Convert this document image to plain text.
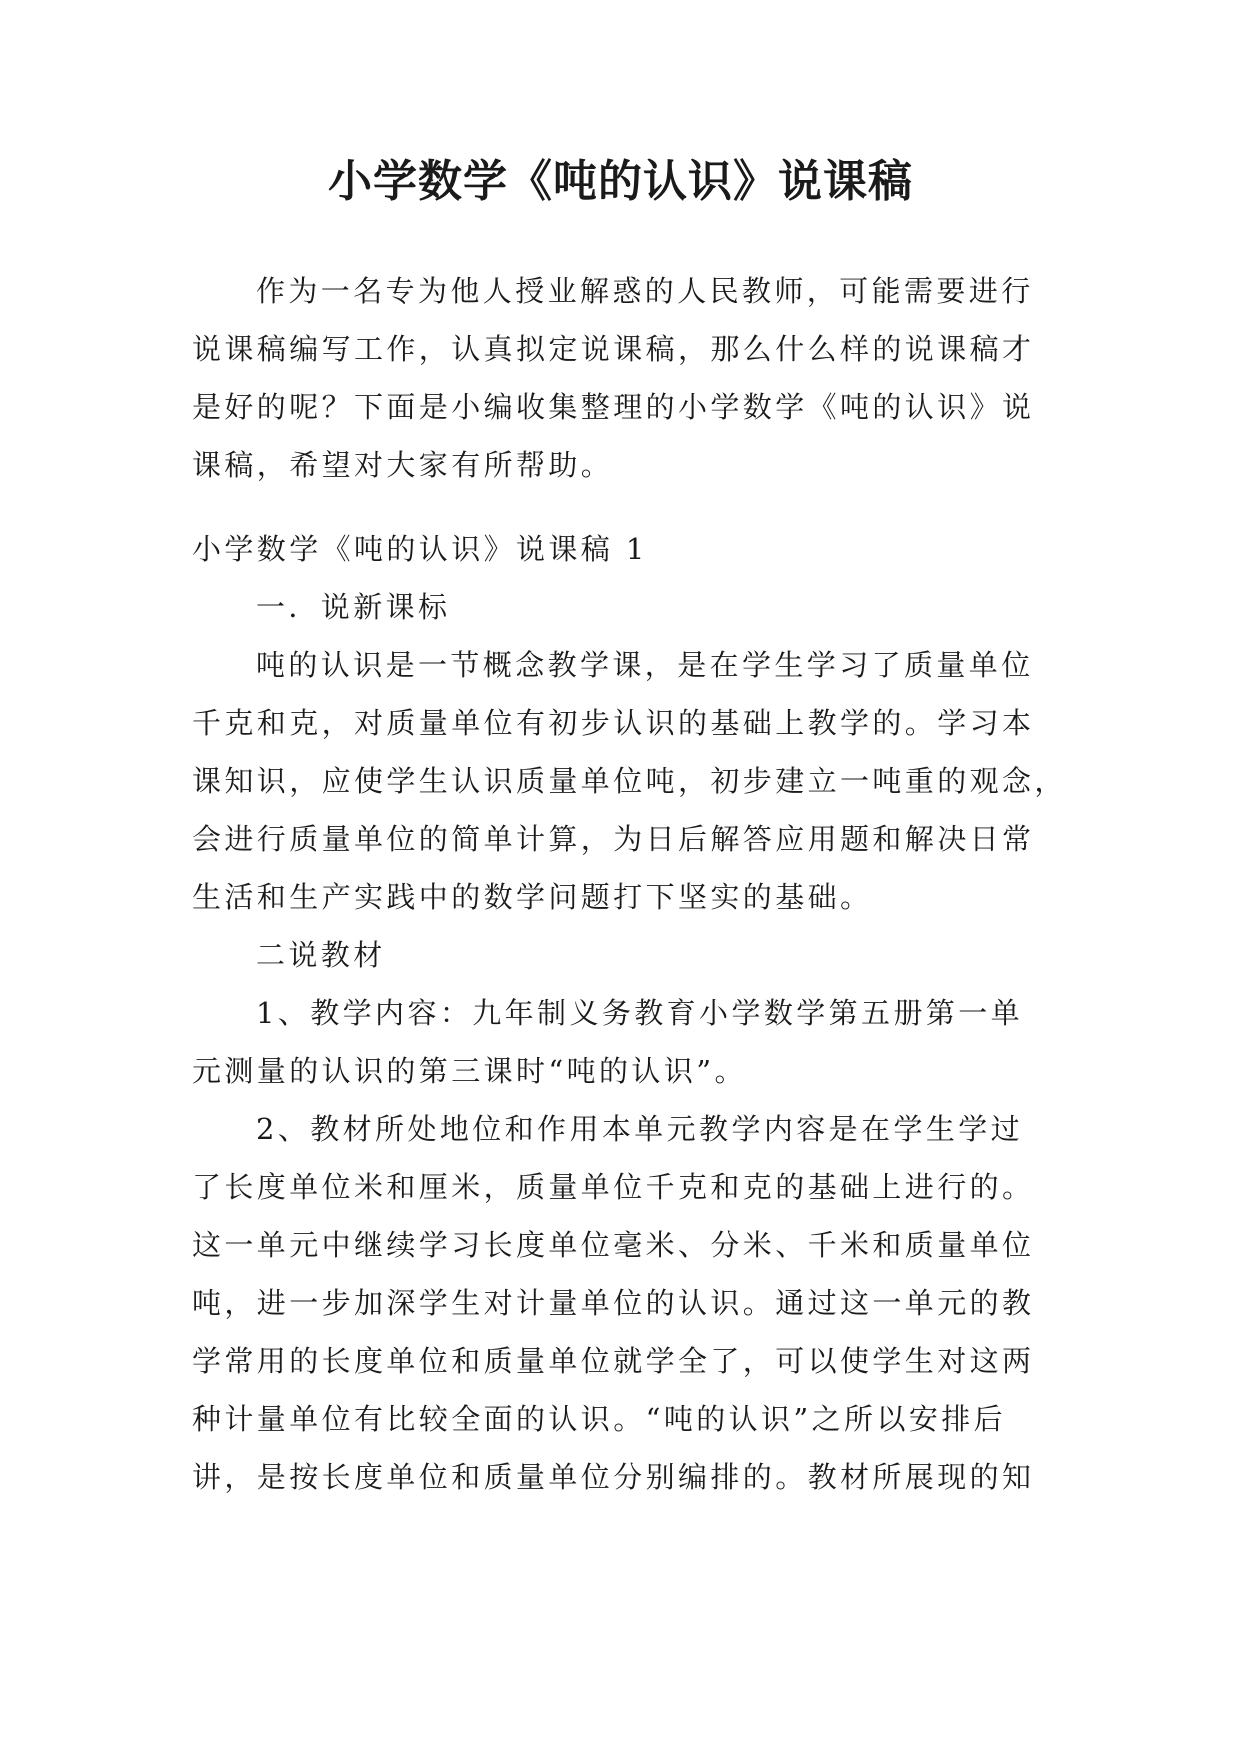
小学数学《吨的认识》说课稿
作为一名专为他人授业解惑的人民教师，可能需要进行
说课稿编写工作，认真拟定说课稿，那么什么样的说课稿才
是好的呢？下面是小编收集整理的小学数学《吨的认识》说
课稿，希望对大家有所帮助。
小学数学《吨的认识》说课稿 1
一．说新课标
吨的认识是一节概念教学课，是在学生学习了质量单位
千克和克，对质量单位有初步认识的基础上教学的。学习本
课知识，应使学生认识质量单位吨，初步建立一吨重的观念，
会进行质量单位的简单计算，为日后解答应用题和解决日常
生活和生产实践中的数学问题打下坚实的基础。
二说教材
1、教学内容：九年制义务教育小学数学第五册第一单
元测量的认识的第三课时“吨的认识”。
2、教材所处地位和作用本单元教学内容是在学生学过
了长度单位米和厘米，质量单位千克和克的基础上进行的。
这一单元中继续学习长度单位毫米、分米、千米和质量单位
吨，进一步加深学生对计量单位的认识。通过这一单元的教
学常用的长度单位和质量单位就学全了，可以使学生对这两
种计量单位有比较全面的认识。“吨的认识”之所以安排后
讲，是按长度单位和质量单位分别编排的。教材所展现的知
